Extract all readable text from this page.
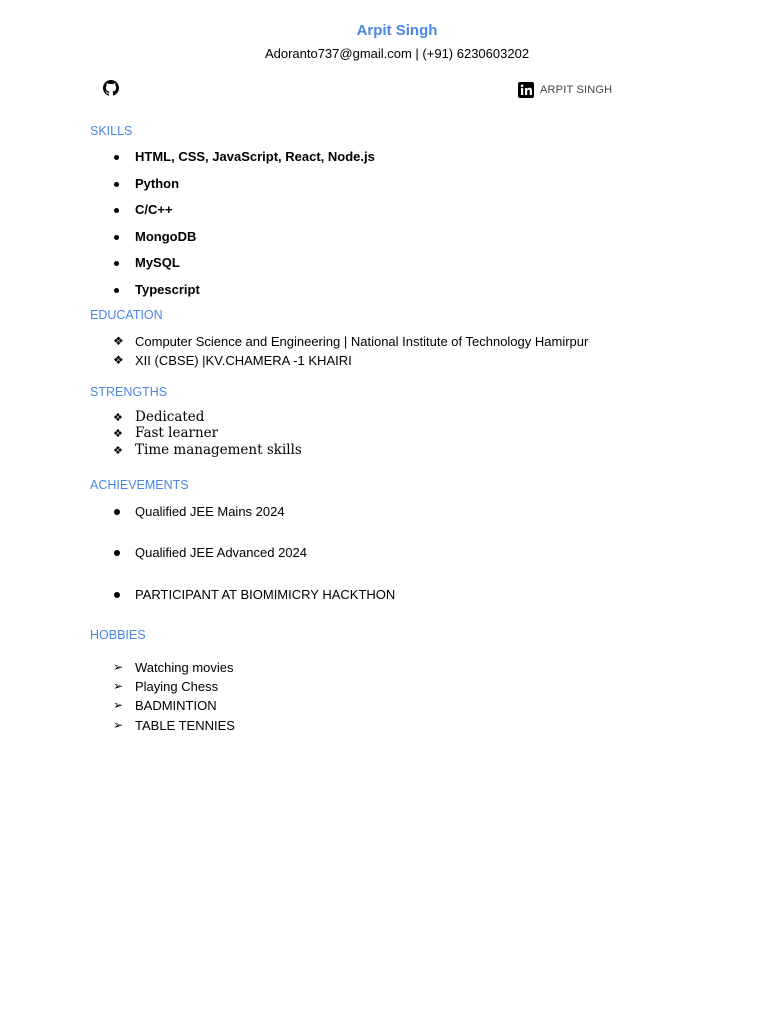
Arpit Singh
Adoranto737@gmail.com | (+91) 6230603202
ARPIT SINGH
SKILLS
HTML, CSS, JavaScript, React, Node.js
Python
C/C++
MongoDB
MySQL
Typescript
EDUCATION
❖ Computer Science and Engineering | National Institute of Technology Hamirpur
❖ XII (CBSE) |KV.CHAMERA -1 KHAIRI
STRENGTHS
❖ Dedicated
❖ Fast learner
❖ Time management skills
ACHIEVEMENTS
Qualified JEE Mains 2024
Qualified JEE Advanced 2024
PARTICIPANT AT BIOMIMICRY HACKTHON
HOBBIES
➢ Watching movies
➢ Playing Chess
➢ BADMINTION
➢ TABLE TENNIES
